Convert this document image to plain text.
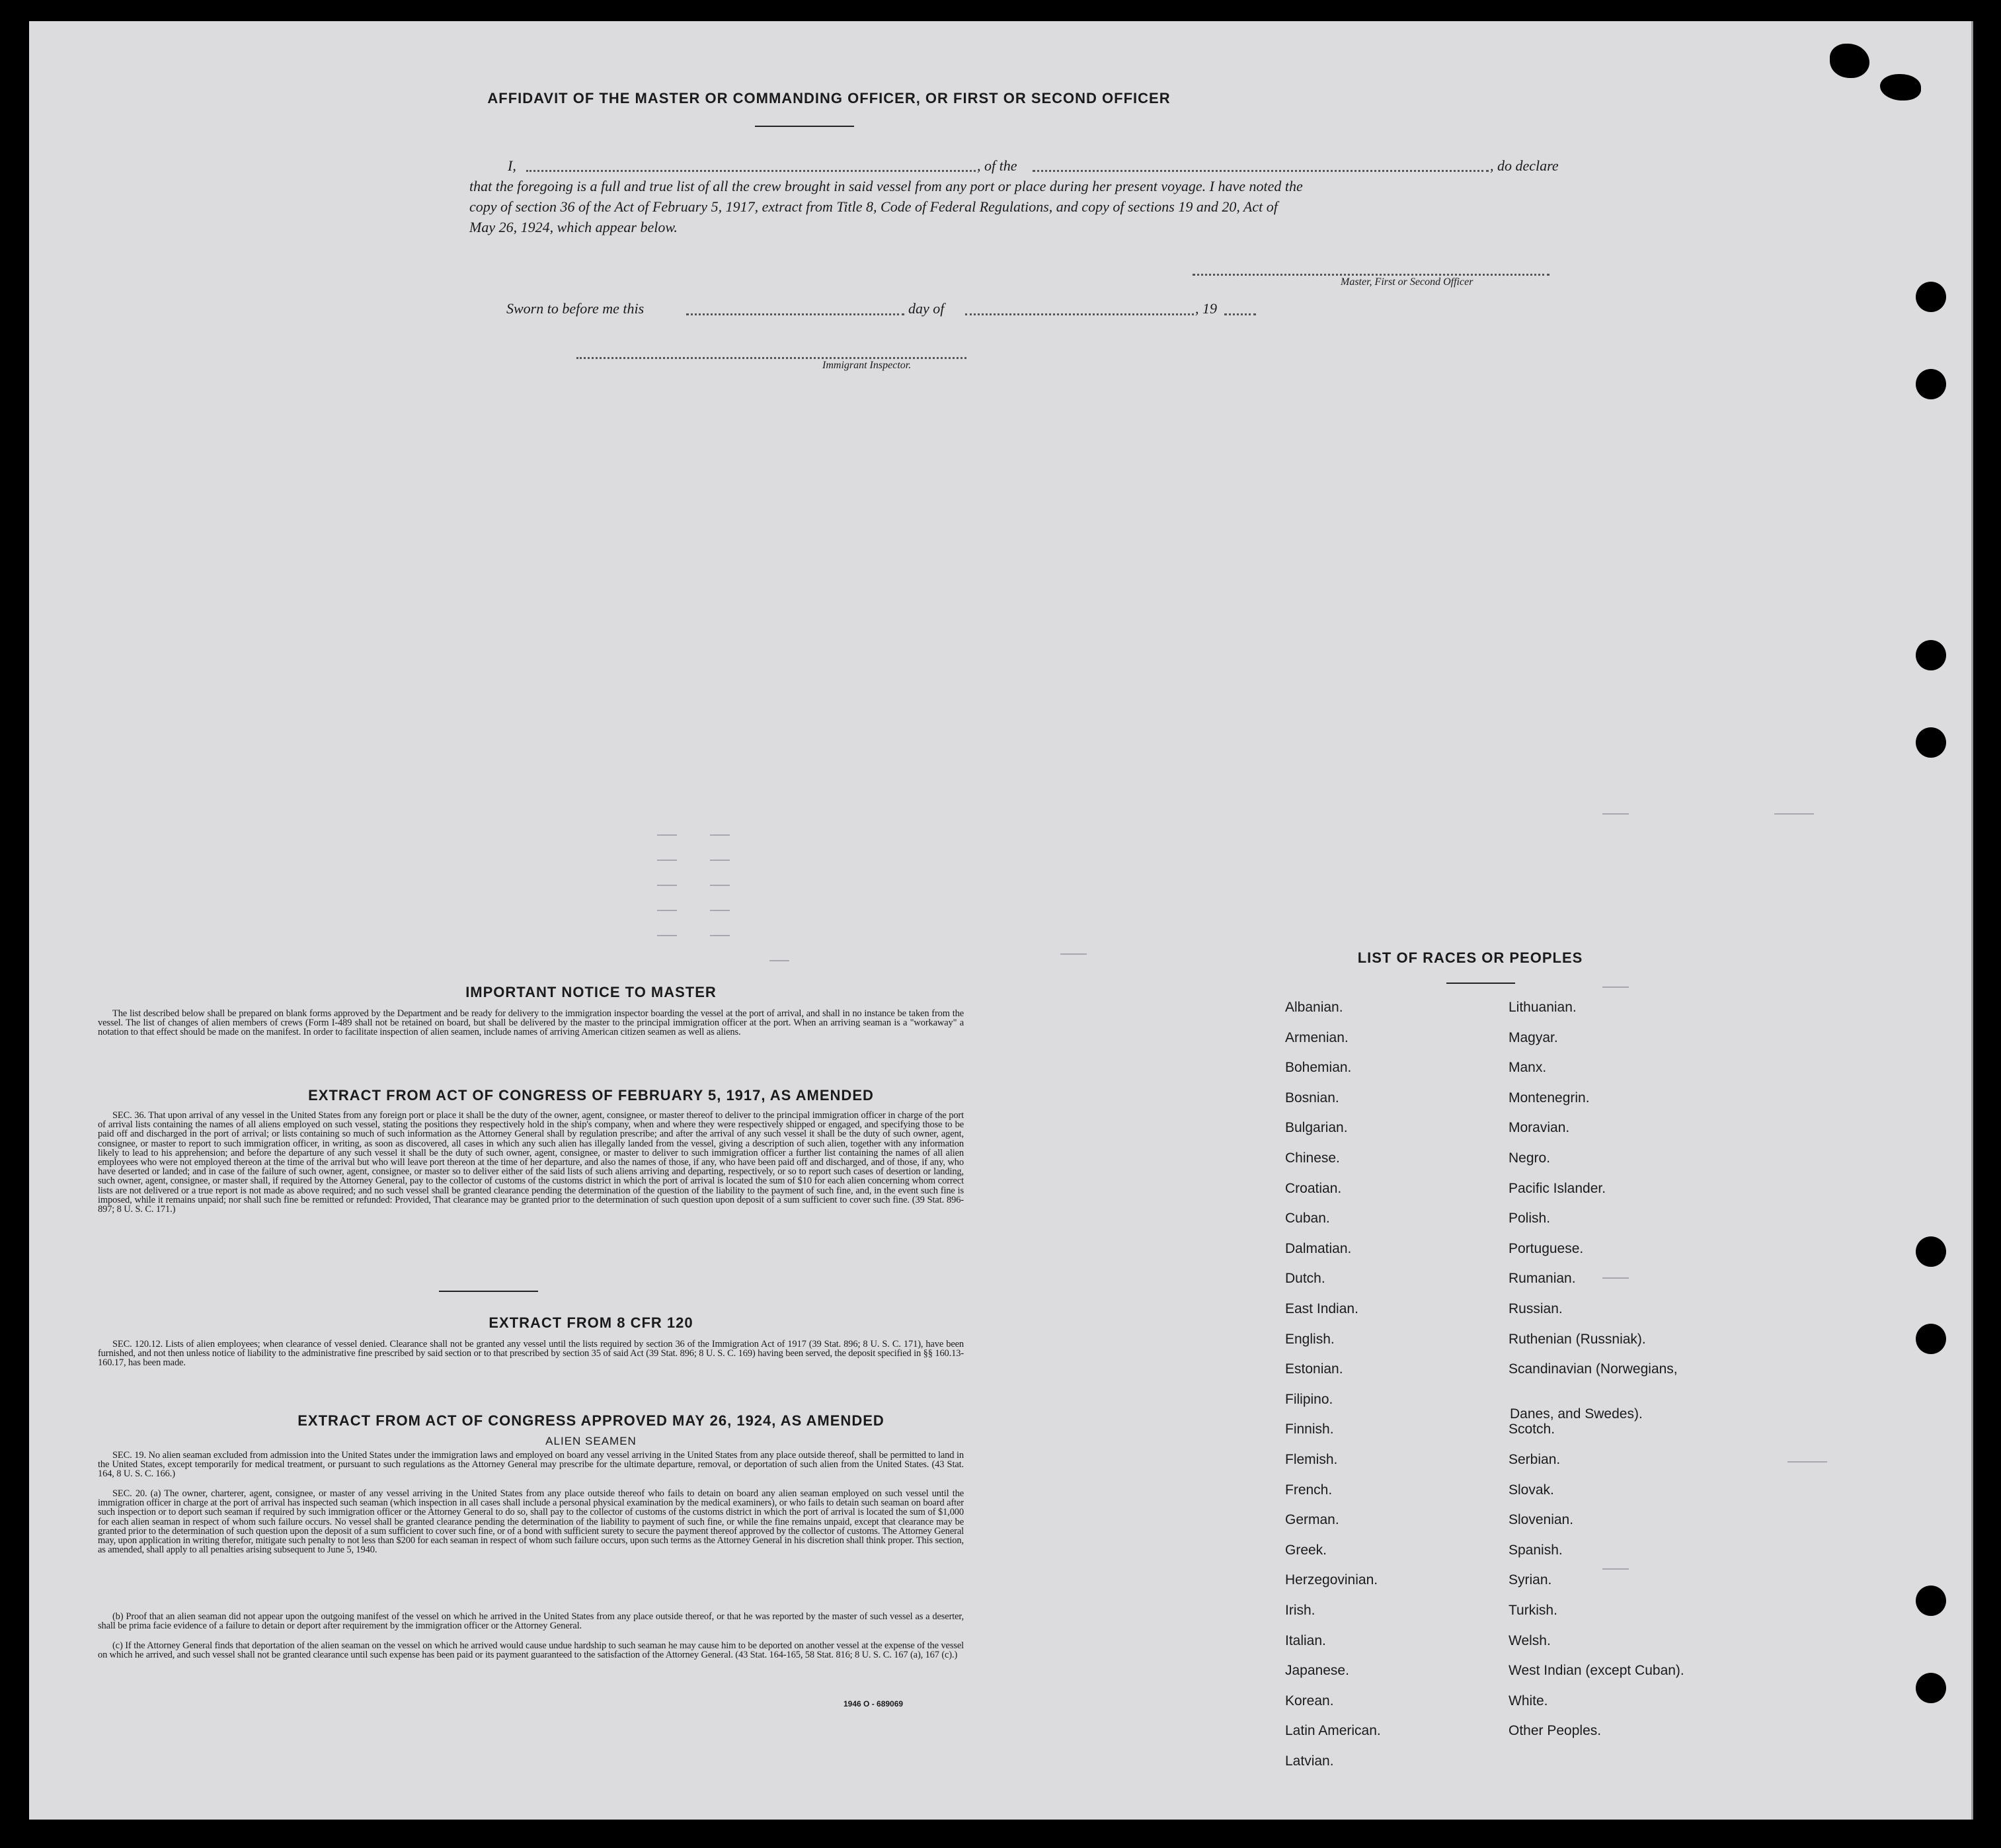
AFFIDAVIT OF THE MASTER OR COMMANDING OFFICER, OR FIRST OR SECOND OFFICER
I,	, of the	, do declare
that the foregoing is a full and true list of all the crew brought in said vessel from any port or place during her present voyage. I have noted the
copy of section 36 of the Act of February 5, 1917, extract from Title 8, Code of Federal Regulations, and copy of sections 19 and 20, Act of
May 26, 1924, which appear below.
Master, First or Second Officer
Sworn to before me this	day of	, 19
Immigrant Inspector.
IMPORTANT NOTICE TO MASTER
The list described below shall be prepared on blank forms approved by the Department and be ready for delivery to the immigration inspector boarding the vessel at the port of arrival, and shall in no instance be taken from the vessel. The list of changes of alien members of crews (Form I-489 shall not be retained on board, but shall be delivered by the master to the principal immigration officer at the port. When an arriving seaman is a "workaway" a notation to that effect should be made on the manifest. In order to facilitate inspection of alien seamen, include names of arriving American citizen seamen as well as aliens.
EXTRACT FROM ACT OF CONGRESS OF FEBRUARY 5, 1917, AS AMENDED
SEC. 36. That upon arrival of any vessel in the United States from any foreign port or place it shall be the duty of the owner, agent, consignee, or master thereof to deliver to the principal immigration officer in charge of the port of arrival lists containing the names of all aliens employed on such vessel, stating the positions they respectively hold in the ship's company, when and where they were respectively shipped or engaged, and specifying those to be paid off and discharged in the port of arrival; or lists containing so much of such information as the Attorney General shall by regulation prescribe; and after the arrival of any such vessel it shall be the duty of such owner, agent, consignee, or master to report to such immigration officer, in writing, as soon as discovered, all cases in which any such alien has illegally landed from the vessel, giving a description of such alien, together with any information likely to lead to his apprehension; and before the departure of any such vessel it shall be the duty of such owner, agent, consignee, or master to deliver to such immigration officer a further list containing the names of all alien employees who were not employed thereon at the time of the arrival but who will leave port thereon at the time of her departure, and also the names of those, if any, who have been paid off and discharged, and of those, if any, who have deserted or landed; and in case of the failure of such owner, agent, consignee, or master so to deliver either of the said lists of such aliens arriving and departing, respectively, or so to report such cases of desertion or landing, such owner, agent, consignee, or master shall, if required by the Attorney General, pay to the collector of customs of the customs district in which the port of arrival is located the sum of $10 for each alien concerning whom correct lists are not delivered or a true report is not made as above required; and no such vessel shall be granted clearance pending the determination of the question of the liability to the payment of such fine, and, in the event such fine is imposed, while it remains unpaid; nor shall such fine be remitted or refunded: Provided, That clearance may be granted prior to the determination of such question upon deposit of a sum sufficient to cover such fine. (39 Stat. 896-897; 8 U. S. C. 171.)
EXTRACT FROM 8 CFR 120
SEC. 120.12. Lists of alien employees; when clearance of vessel denied. Clearance shall not be granted any vessel until the lists required by section 36 of the Immigration Act of 1917 (39 Stat. 896; 8 U. S. C. 171), have been furnished, and not then unless notice of liability to the administrative fine prescribed by said section or to that prescribed by section 35 of said Act (39 Stat. 896; 8 U. S. C. 169) having been served, the deposit specified in §§ 160.13-160.17, has been made.
EXTRACT FROM ACT OF CONGRESS APPROVED MAY 26, 1924, AS AMENDED
ALIEN SEAMEN
SEC. 19. No alien seaman excluded from admission into the United States under the immigration laws and employed on board any vessel arriving in the United States from any place outside thereof, shall be permitted to land in the United States, except temporarily for medical treatment, or pursuant to such regulations as the Attorney General may prescribe for the ultimate departure, removal, or deportation of such alien from the United States. (43 Stat. 164, 8 U. S. C. 166.)
SEC. 20. (a) The owner, charterer, agent, consignee, or master of any vessel arriving in the United States from any place outside thereof who fails to detain on board any alien seaman employed on such vessel until the immigration officer in charge at the port of arrival has inspected such seaman (which inspection in all cases shall include a personal physical examination by the medical examiners), or who fails to detain such seaman on board after such inspection or to deport such seaman if required by such immigration officer or the Attorney General to do so, shall pay to the collector of customs of the customs district in which the port of arrival is located the sum of $1,000 for each alien seaman in respect of whom such failure occurs. No vessel shall be granted clearance pending the determination of the liability to payment of such fine, or while the fine remains unpaid, except that clearance may be granted prior to the determination of such question upon the deposit of a sum sufficient to cover such fine, or of a bond with sufficient surety to secure the payment thereof approved by the collector of customs. The Attorney General may, upon application in writing therefor, mitigate such penalty to not less than $200 for each seaman in respect of whom such failure occurs, upon such terms as the Attorney General in his discretion shall think proper. This section, as amended, shall apply to all penalties arising subsequent to June 5, 1940.
(b) Proof that an alien seaman did not appear upon the outgoing manifest of the vessel on which he arrived in the United States from any place outside thereof, or that he was reported by the master of such vessel as a deserter, shall be prima facie evidence of a failure to detain or deport after requirement by the immigration officer or the Attorney General.
(c) If the Attorney General finds that deportation of the alien seaman on the vessel on which he arrived would cause undue hardship to such seaman he may cause him to be deported on another vessel at the expense of the vessel on which he arrived, and such vessel shall not be granted clearance until such expense has been paid or its payment guaranteed to the satisfaction of the Attorney General. (43 Stat. 164-165, 58 Stat. 816; 8 U. S. C. 167 (a), 167 (c).)
1946 O - 689069
LIST OF RACES OR PEOPLES
Albanian.
Armenian.
Bohemian.
Bosnian.
Bulgarian.
Chinese.
Croatian.
Cuban.
Dalmatian.
Dutch.
East Indian.
English.
Estonian.
Filipino.
Finnish.
Flemish.
French.
German.
Greek.
Herzegovinian.
Irish.
Italian.
Japanese.
Korean.
Latin American.
Latvian.
Lithuanian.
Magyar.
Manx.
Montenegrin.
Moravian.
Negro.
Pacific Islander.
Polish.
Portuguese.
Rumanian.
Russian.
Ruthenian (Russniak).
Scandinavian (Norwegians,
Danes, and Swedes).
Scotch.
Serbian.
Slovak.
Slovenian.
Spanish.
Syrian.
Turkish.
Welsh.
West Indian (except Cuban).
White.
Other Peoples.
